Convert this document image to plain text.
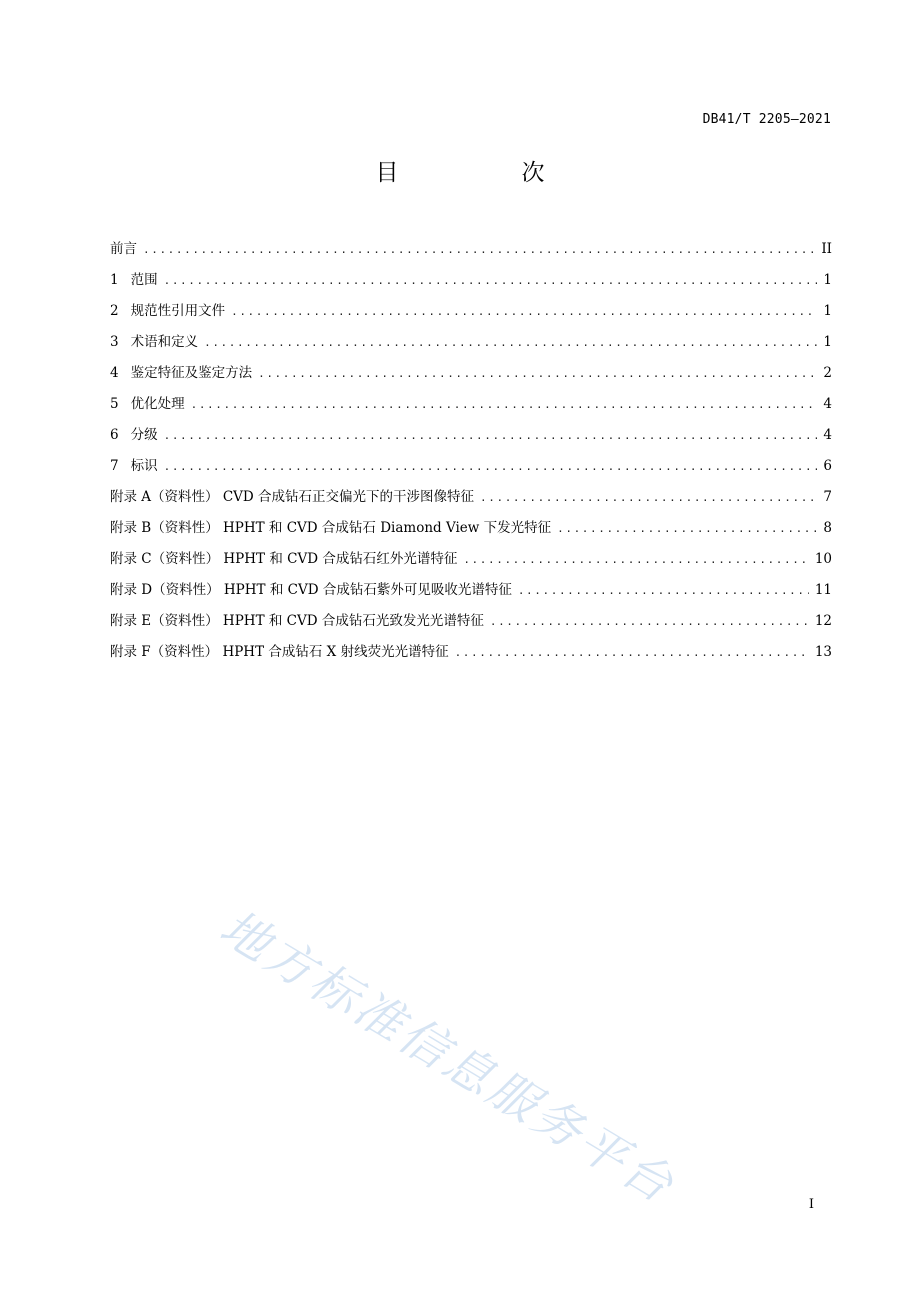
DB41/T 2205—2021
目　次
前言 .....	II
1 范围 .....	1
2 规范性引用文件 .....	1
3 术语和定义 .....	1
4 鉴定特征及鉴定方法 .....	2
5 优化处理 .....	4
6 分级 .....	4
7 标识 .....	6
附录 A（资料性） CVD 合成钻石正交偏光下的干涉图像特征 .....	7
附录 B（资料性） HPHT 和 CVD 合成钻石 Diamond View 下发光特征 .....	8
附录 C（资料性） HPHT 和 CVD 合成钻石红外光谱特征 .....	10
附录 D（资料性） HPHT 和 CVD 合成钻石紫外可见吸收光谱特征 .....	11
附录 E（资料性） HPHT 和 CVD 合成钻石光致发光光谱特征 .....	12
附录 F（资料性） HPHT 合成钻石 X 射线荧光光谱特征 .....	13
地方标准信息服务平台	I
